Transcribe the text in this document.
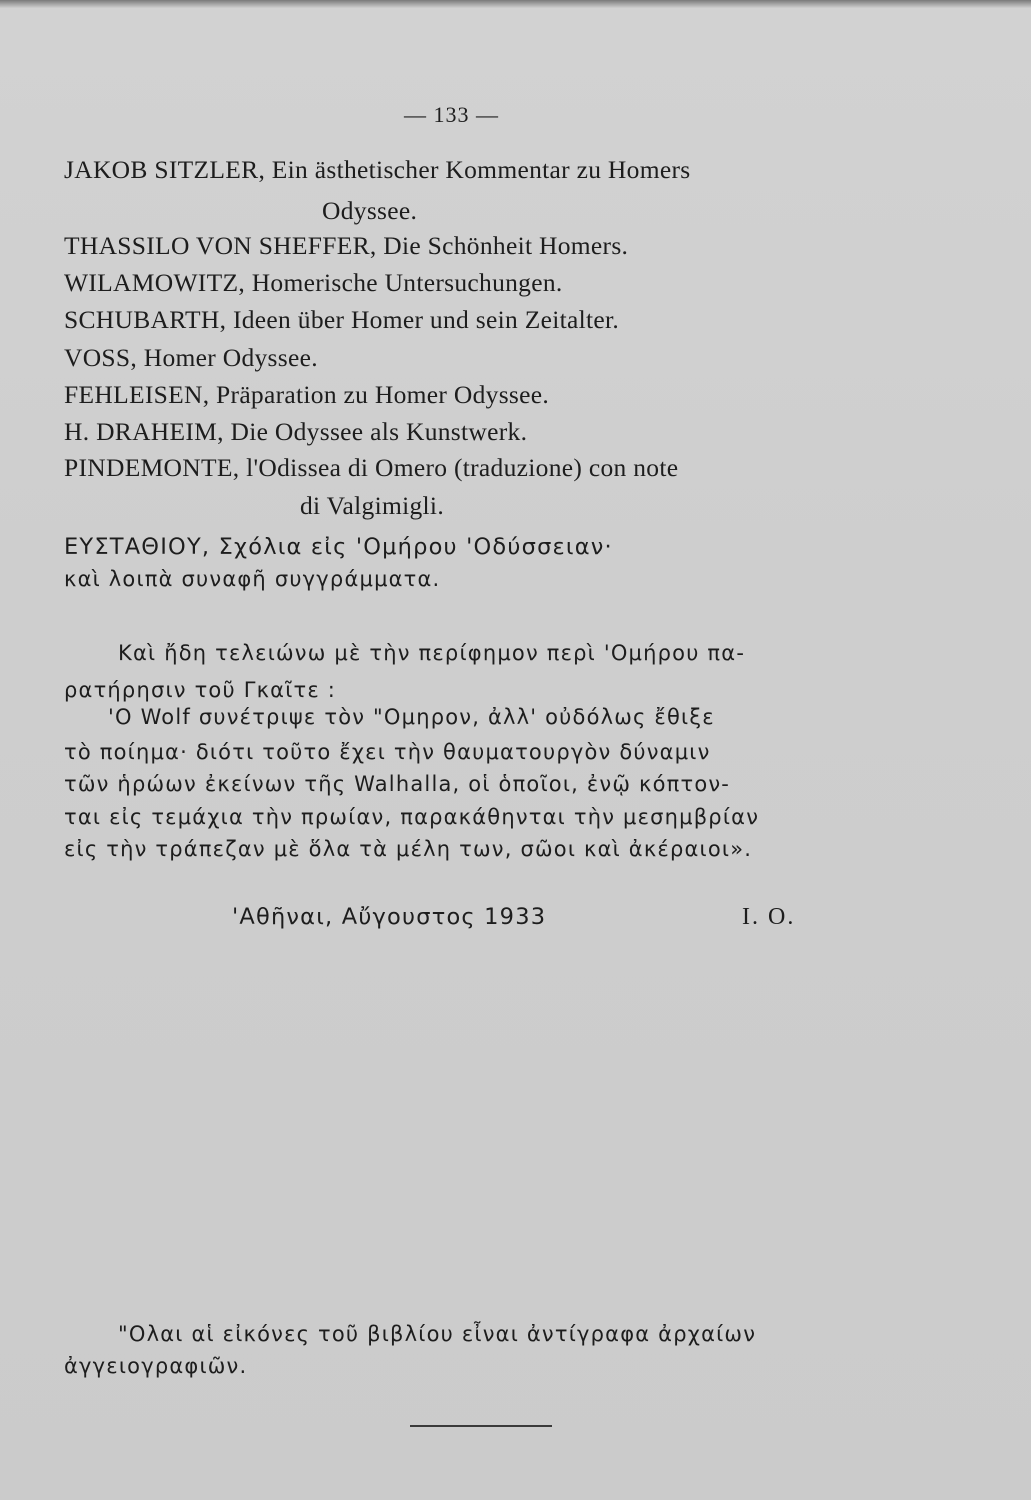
— 133 —
JAKOB SITZLER, Ein ästhetischer Kommentar zu Homers
Odyssee.
THASSILO VON SHEFFER, Die Schönheit Homers.
WILAMOWITZ, Homerische Untersuchungen.
SCHUBARTH, Ideen über Homer und sein Zeitalter.
VOSS, Homer Odyssee.
FEHLEISEN, Präparation zu Homer Odyssee.
H. DRAHEIM, Die Odyssee als Kunstwerk.
PINDEMONTE, l'Odissea di Omero (traduzione) con note
di Valgimigli.
ΕΥΣΤΑΘΙΟΥ, Σχόλια εἰς 'Ομήρου 'Οδύσσειαν·
καὶ λοιπὰ συναφῆ συγγράμματα.
Καὶ ἤδη τελειώνω μὲ τὴν περίφημον περὶ 'Ομήρου πα-
ρατήρησιν τοῦ Γκαῖτε :
'Ο Wolf συνέτριψε τὸν "Ομηρον, ἀλλ' οὐδόλως ἔθιξε
τὸ ποίημα· διότι τοῦτο ἔχει τὴν θαυματουργὸν δύναμιν
τῶν ἡρώων ἐκείνων τῆς Walhalla, οἱ ὁποῖοι, ἐνῷ κόπτον-
ται εἰς τεμάχια τὴν πρωίαν, παρακάθηνται τὴν μεσημβρίαν
εἰς τὴν τράπεζαν μὲ ὅλα τὰ μέλη των, σῶοι καὶ ἀκέραιοι».
'Αθῆναι, Αὔγουστος 1933	I. O.
"Ολαι αἱ εἰκόνες τοῦ βιβλίου εἶναι ἀντίγραφα ἀρχαίων
ἀγγειογραφιῶν.
